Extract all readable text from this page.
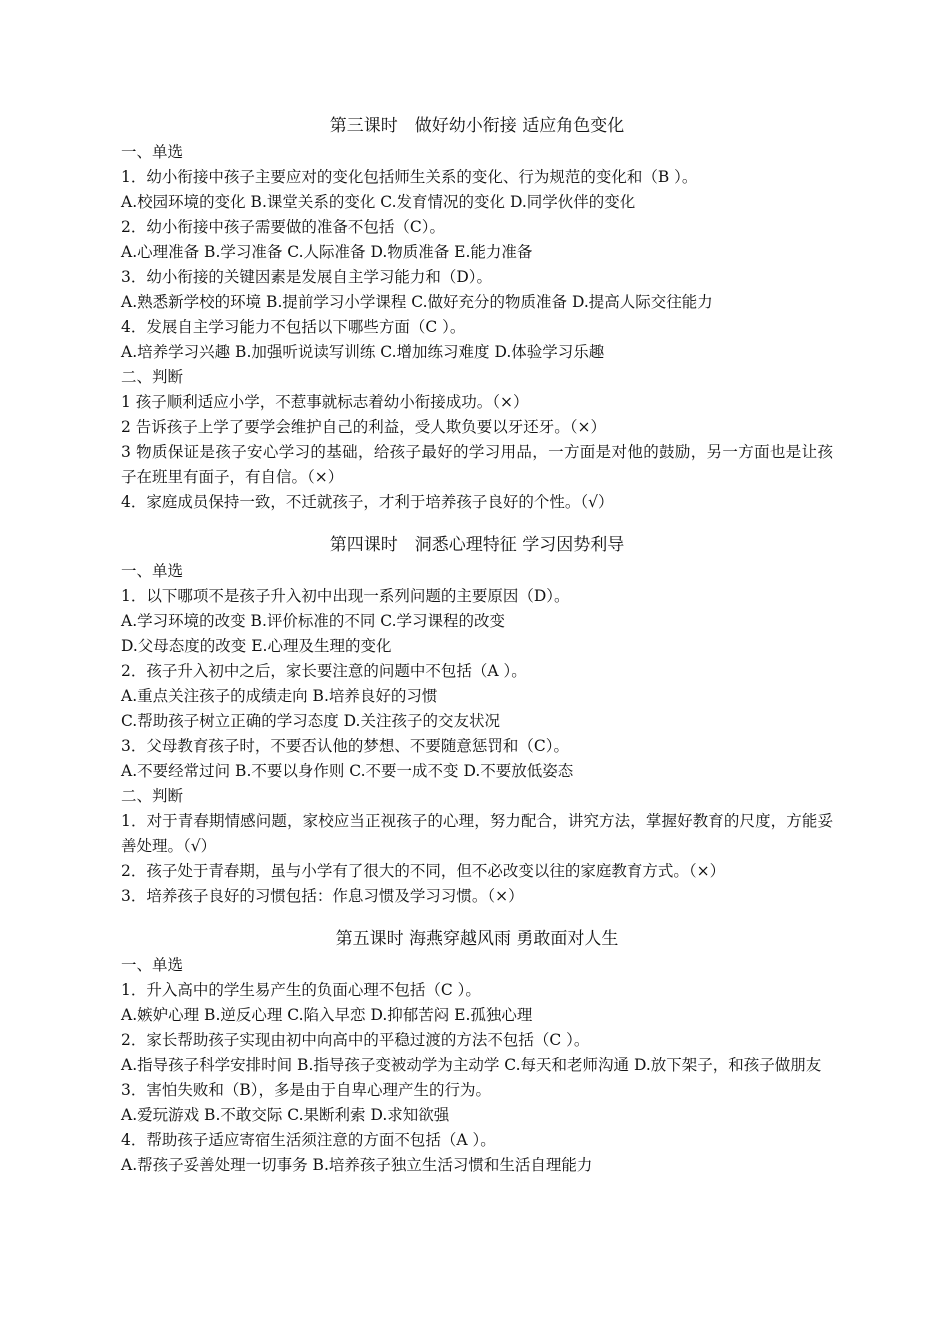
第三课时　做好幼小衔接 适应角色变化

一、单选

1．幼小衔接中孩子主要应对的变化包括师生关系的变化、行为规范的变化和（B ）。

A.校园环境的变化 B.课堂关系的变化 C.发育情况的变化 D.同学伙伴的变化

2．幼小衔接中孩子需要做的准备不包括（C）。

A.心理准备 B.学习准备 C.人际准备 D.物质准备 E.能力准备

3．幼小衔接的关键因素是发展自主学习能力和（D）。

A.熟悉新学校的环境 B.提前学习小学课程 C.做好充分的物质准备 D.提高人际交往能力

4．发展自主学习能力不包括以下哪些方面（C ）。

A.培养学习兴趣 B.加强听说读写训练 C.增加练习难度 D.体验学习乐趣

二、判断

1 孩子顺利适应小学，不惹事就标志着幼小衔接成功。（×）

2 告诉孩子上学了要学会维护自己的利益，受人欺负要以牙还牙。（×）

3 物质保证是孩子安心学习的基础，给孩子最好的学习用品，一方面是对他的鼓励，另一方面也是让孩子在班里有面子，有自信。（×）

4．家庭成员保持一致，不迁就孩子，才利于培养孩子良好的个性。（√）

第四课时　洞悉心理特征 学习因势利导

一、单选

1．以下哪项不是孩子升入初中出现一系列问题的主要原因（D）。

A.学习环境的改变 B.评价标准的不同 C.学习课程的改变

D.父母态度的改变 E.心理及生理的变化

2．孩子升入初中之后，家长要注意的问题中不包括（A ）。

A.重点关注孩子的成绩走向 B.培养良好的习惯

C.帮助孩子树立正确的学习态度 D.关注孩子的交友状况

3．父母教育孩子时，不要否认他的梦想、不要随意惩罚和（C）。

A.不要经常过问 B.不要以身作则 C.不要一成不变 D.不要放低姿态

二、判断

1．对于青春期情感问题，家校应当正视孩子的心理，努力配合，讲究方法，掌握好教育的尺度，方能妥善处理。（√）

2．孩子处于青春期，虽与小学有了很大的不同，但不必改变以往的家庭教育方式。（×）

3．培养孩子良好的习惯包括：作息习惯及学习习惯。（×）

第五课时 海燕穿越风雨 勇敢面对人生

一、单选

1．升入高中的学生易产生的负面心理不包括（C ）。

A.嫉妒心理 B.逆反心理 C.陷入早恋 D.抑郁苦闷 E.孤独心理

2．家长帮助孩子实现由初中向高中的平稳过渡的方法不包括（C ）。

A.指导孩子科学安排时间 B.指导孩子变被动学为主动学 C.每天和老师沟通 D.放下架子，和孩子做朋友

3．害怕失败和（B），多是由于自卑心理产生的行为。

A.爱玩游戏 B.不敢交际 C.果断利索 D.求知欲强

4．帮助孩子适应寄宿生活须注意的方面不包括（A ）。

A.帮孩子妥善处理一切事务 B.培养孩子独立生活习惯和生活自理能力
